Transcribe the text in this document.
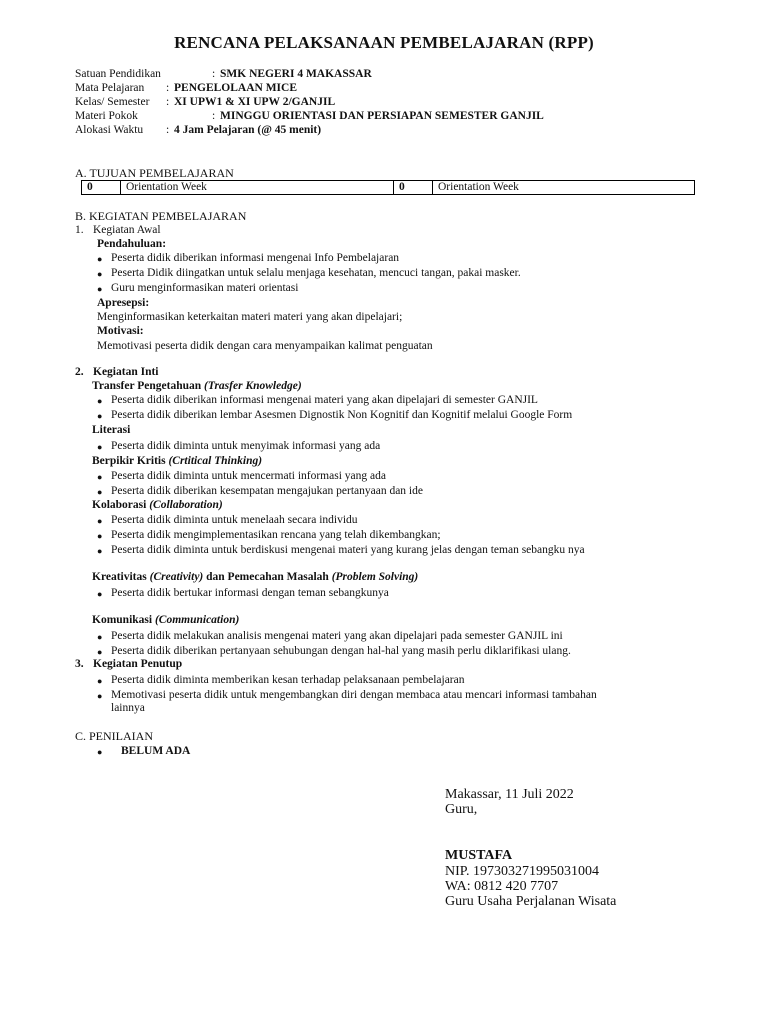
RENCANA PELAKSANAAN PEMBELAJARAN (RPP)
Satuan Pendidikan	: SMK NEGERI 4 MAKASSAR
Mata Pelajaran : PENGELOLAAN MICE
Kelas/ Semester : XI UPW1 & XI UPW 2/GANJIL
Materi Pokok	: MINGGU ORIENTASI DAN PERSIAPAN SEMESTER GANJIL
Alokasi Waktu : 4 Jam Pelajaran (@ 45 menit)
A. TUJUAN PEMBELAJARAN
0	Orientation Week	0	Orientation Week
B. KEGIATAN PEMBELAJARAN
1. Kegiatan Awal
Pendahuluan:
● Peserta didik diberikan informasi mengenai Info Pembelajaran
● Peserta Didik diingatkan untuk selalu menjaga kesehatan, mencuci tangan, pakai masker.
● Guru menginformasikan materi orientasi
Apresepsi:
Menginformasikan keterkaitan materi materi yang akan dipelajari;
Motivasi:
Memotivasi peserta didik dengan cara menyampaikan kalimat penguatan
2. Kegiatan Inti
Transfer Pengetahuan (Trasfer Knowledge)
● Peserta didik diberikan informasi mengenai materi yang akan dipelajari di semester GANJIL
● Peserta didik diberikan lembar Asesmen Dignostik Non Kognitif dan Kognitif melalui Google Form
Literasi
● Peserta didik diminta untuk menyimak informasi yang ada
Berpikir Kritis (Crtitical Thinking)
● Peserta didik diminta untuk mencermati informasi yang ada
● Peserta didik diberikan kesempatan mengajukan pertanyaan dan ide
Kolaborasi (Collaboration)
● Peserta didik diminta untuk menelaah secara individu
● Peserta didik mengimplementasikan rencana yang telah dikembangkan;
● Peserta didik diminta untuk berdiskusi mengenai materi yang kurang jelas dengan teman sebangku nya
Kreativitas (Creativity) dan Pemecahan Masalah (Problem Solving)
● Peserta didik bertukar informasi dengan teman sebangkunya
Komunikasi (Communication)
● Peserta didik melakukan analisis mengenai materi yang akan dipelajari pada semester GANJIL ini
● Peserta didik diberikan pertanyaan sehubungan dengan hal-hal yang masih perlu diklarifikasi ulang.
3. Kegiatan Penutup
● Peserta didik diminta memberikan kesan terhadap pelaksanaan pembelajaran
● Memotivasi peserta didik untuk mengembangkan diri dengan membaca atau mencari informasi tambahan
lainnya
C. PENILAIAN
● BELUM ADA
Makassar, 11 Juli 2022
Guru,
MUSTAFA
NIP. 197303271995031004
WA: 0812 420 7707
Guru Usaha Perjalanan Wisata
